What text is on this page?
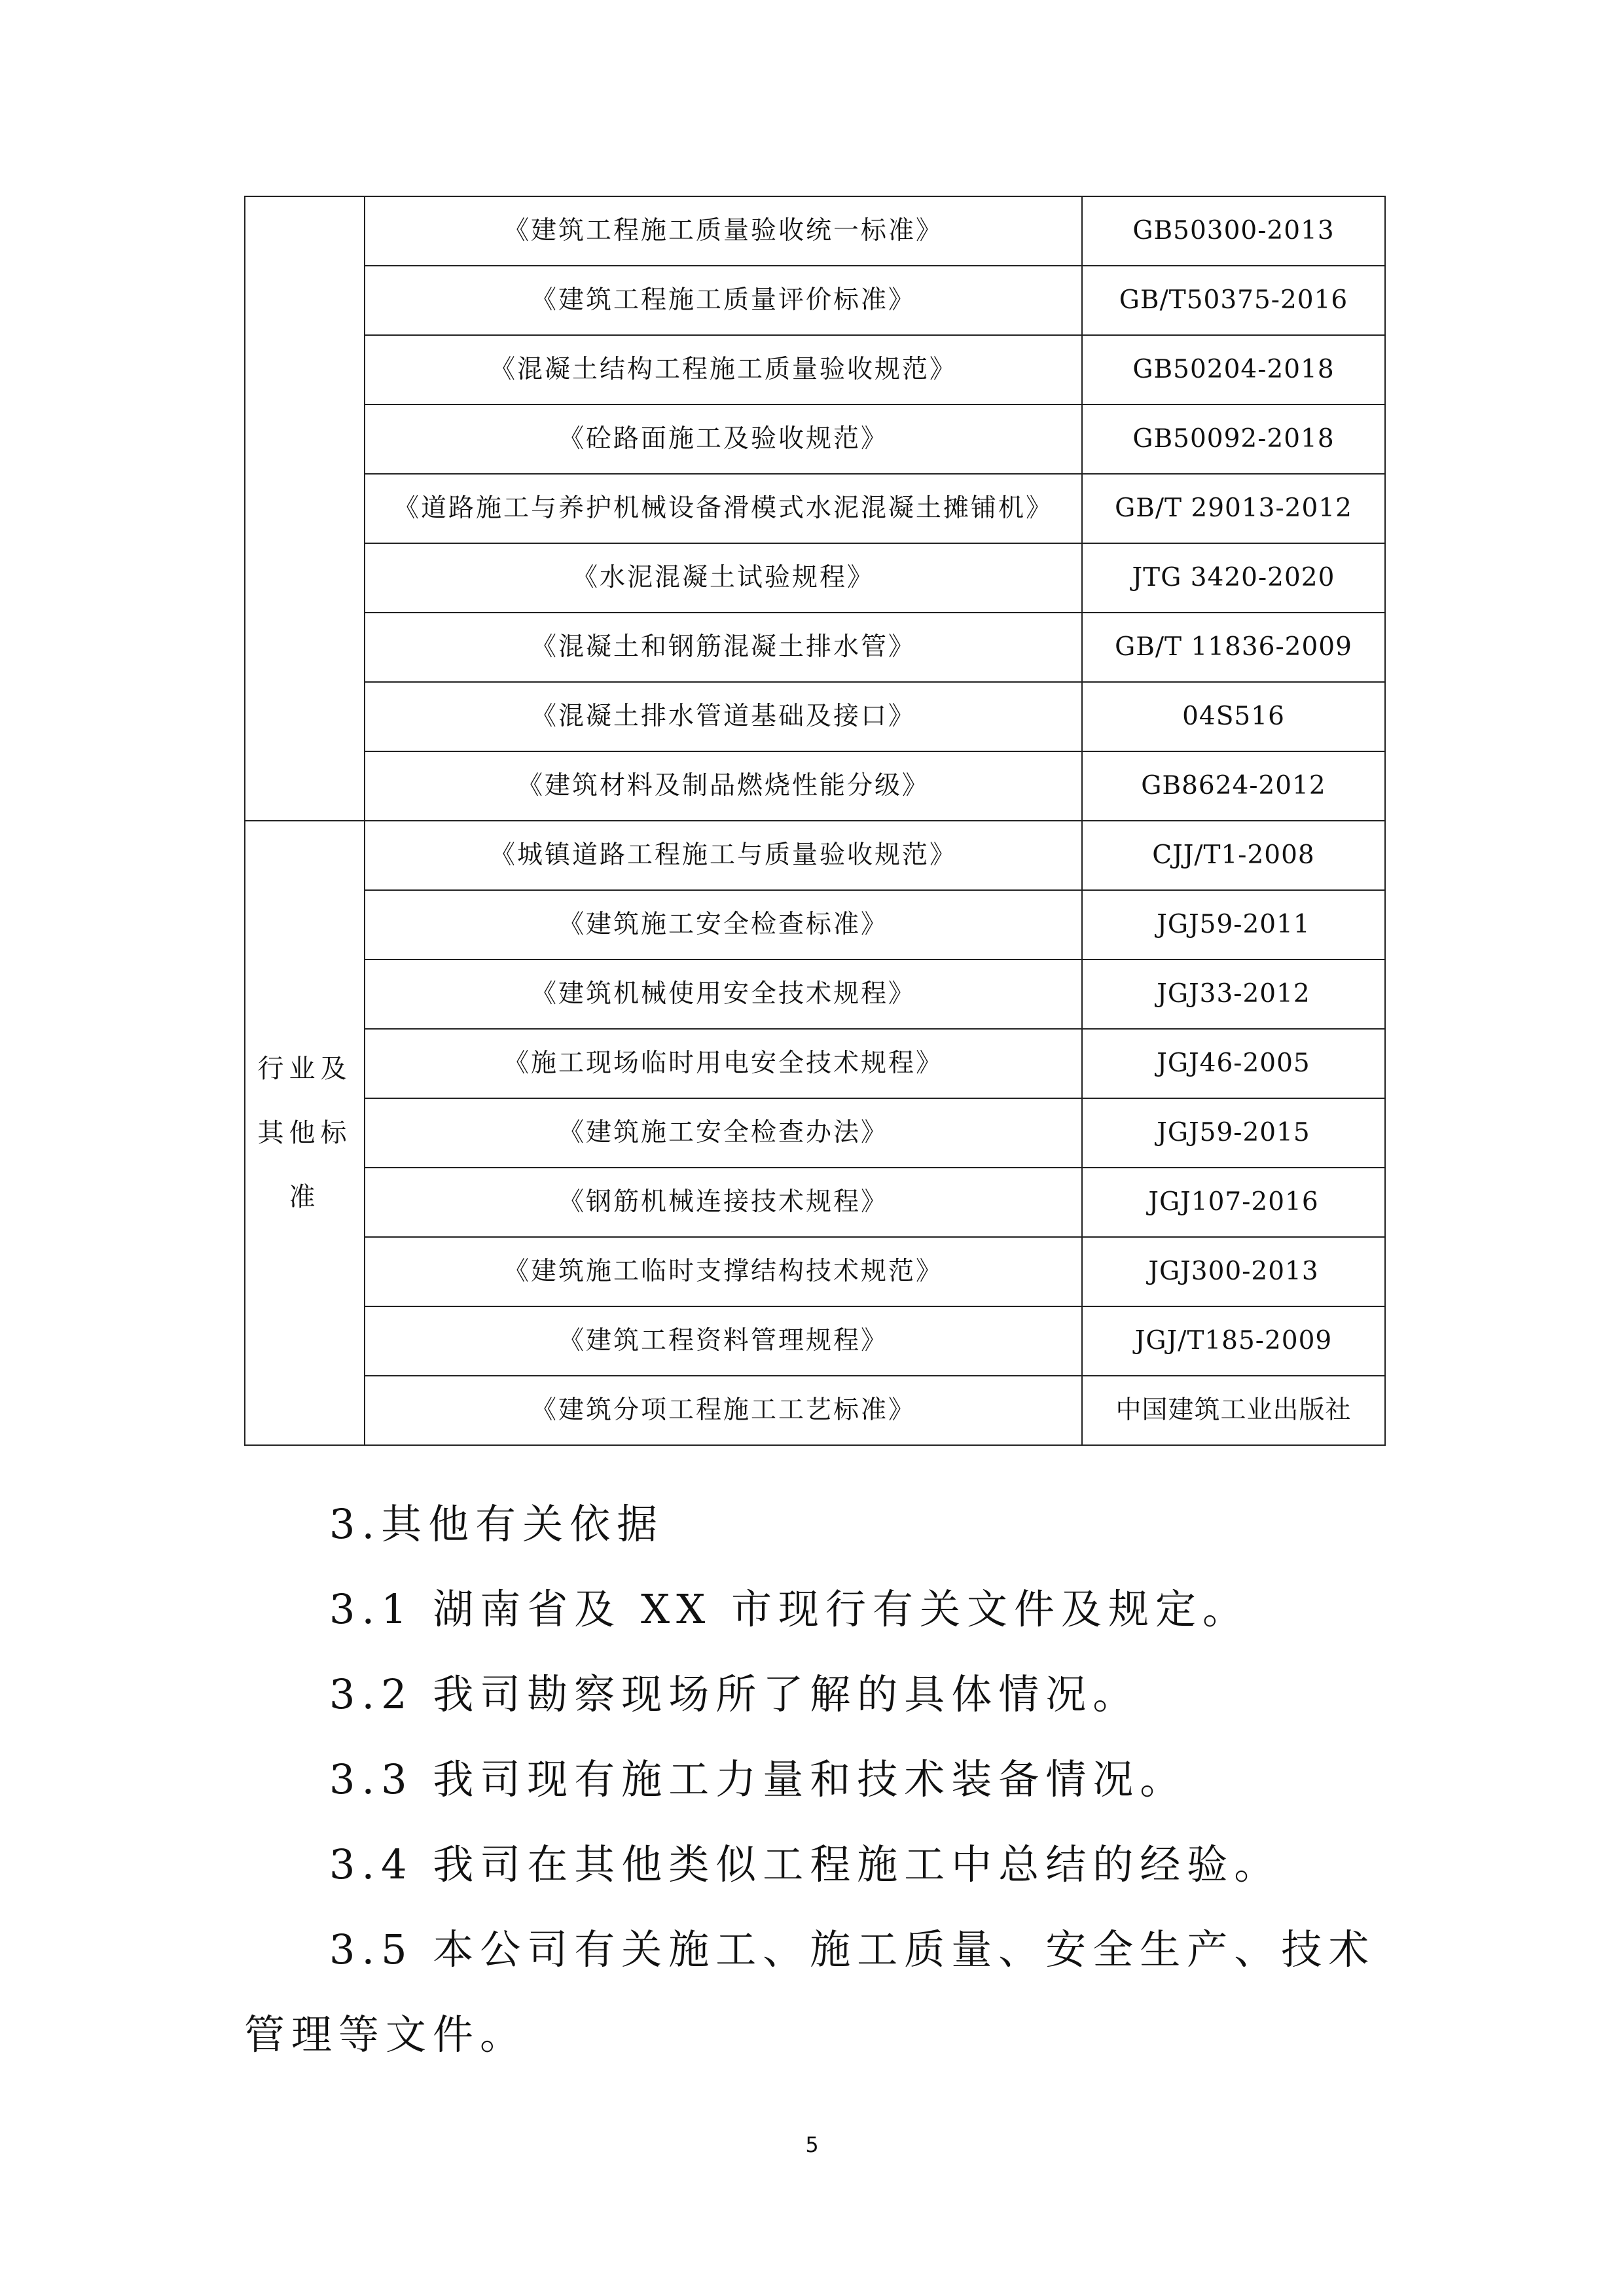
	《建筑工程施工质量验收统一标准》	GB50300-2013
	《建筑工程施工质量评价标准》	GB/T50375-2016
	《混凝土结构工程施工质量验收规范》	GB50204-2018
	《砼路面施工及验收规范》	GB50092-2018
	《道路施工与养护机械设备滑模式水泥混凝土摊铺机》	GB/T 29013-2012
	《水泥混凝土试验规程》	JTG 3420-2020
	《混凝土和钢筋混凝土排水管》	GB/T 11836-2009
	《混凝土排水管道基础及接口》	04S516
	《建筑材料及制品燃烧性能分级》	GB8624-2012

行业及
其他标
准	《城镇道路工程施工与质量验收规范》	CJJ/T1-2008
	《建筑施工安全检查标准》	JGJ59-2011
	《建筑机械使用安全技术规程》	JGJ33-2012
	《施工现场临时用电安全技术规程》	JGJ46-2005
	《建筑施工安全检查办法》	JGJ59-2015
	《钢筋机械连接技术规程》	JGJ107-2016
	《建筑施工临时支撑结构技术规范》	JGJ300-2013
	《建筑工程资料管理规程》	JGJ/T185-2009
	《建筑分项工程施工工艺标准》	中国建筑工业出版社
3.其他有关依据
3.1 湖南省及 XX 市现行有关文件及规定。
3.2 我司勘察现场所了解的具体情况。
3.3 我司现有施工力量和技术装备情况。
3.4 我司在其他类似工程施工中总结的经验。
3.5 本公司有关施工、施工质量、安全生产、技术管理等文件。
5
